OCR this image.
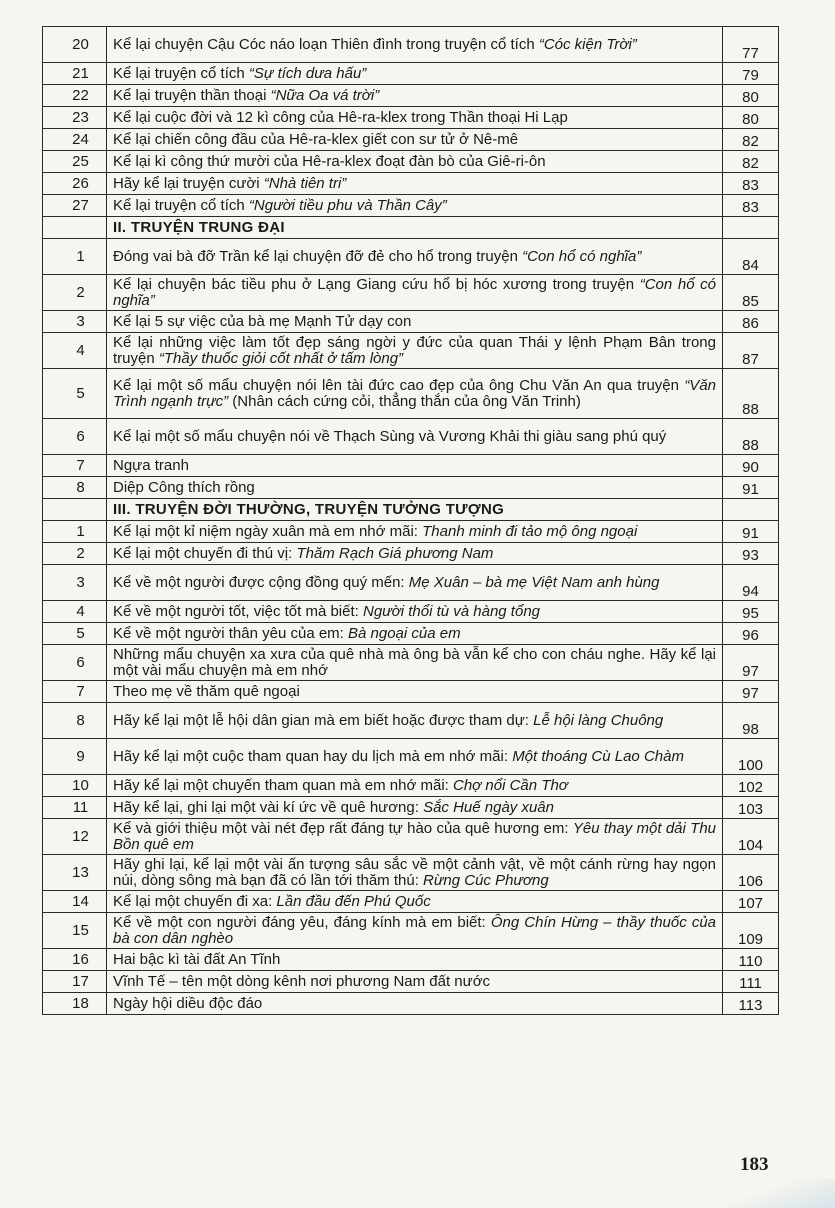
20	Kể lại chuyện Cậu Cóc náo loạn Thiên đình trong truyện cổ tích “Cóc kiện Trời”	77
21	Kể lại truyện cổ tích “Sự tích dưa hấu”	79
22	Kể lại truyện thần thoại “Nữa Oa vá trời”	80
23	Kể lại cuộc đời và 12 kì công của Hê-ra-klex trong Thần thoại Hi Lạp	80
24	Kể lại chiến công đầu của Hê-ra-klex giết con sư tử ở Nê-mê	82
25	Kể lại kì công thứ mười của Hê-ra-klex đoạt đàn bò của Giê-ri-ôn	82
26	Hãy kể lại truyện cười “Nhà tiên tri”	83
27	Kể lại truyện cổ tích “Người tiều phu và Thần Cây”	83
	II. TRUYỆN TRUNG ĐẠI	
1	Đóng vai bà đỡ Trần kể lại chuyện đỡ đẻ cho hổ trong truyện “Con hổ có nghĩa”	84
2	Kể lại chuyện bác tiều phu ở Lạng Giang cứu hổ bị hóc xương trong truyện “Con hổ có nghĩa”	85
3	Kể lại 5 sự việc của bà mẹ Mạnh Tử dạy con	86
4	Kể lại những việc làm tốt đẹp sáng ngời y đức của quan Thái y lệnh Phạm Bân trong truyện “Thầy thuốc giỏi cốt nhất ở tấm lòng”	87
5	Kể lại một số mẩu chuyện nói lên tài đức cao đẹp của ông Chu Văn An qua truyện “Văn Trình ngạnh trực” (Nhân cách cứng cỏi, thẳng thắn của ông Văn Trinh)	88
6	Kể lại một số mẩu chuyện nói về Thạch Sùng và Vương Khải thi giàu sang phú quý	88
7	Ngựa tranh	90
8	Diệp Công thích rồng	91
	III. TRUYỆN ĐỜI THƯỜNG, TRUYỆN TƯỞNG TƯỢNG	
1	Kể lại một kỉ niệm ngày xuân mà em nhớ mãi: Thanh minh đi tảo mộ ông ngoại	91
2	Kể lại một chuyến đi thú vị: Thăm Rạch Giá phương Nam	93
3	Kể về một người được cộng đồng quý mến: Mẹ Xuân – bà mẹ Việt Nam anh hùng	94
4	Kể về một người tốt, việc tốt mà biết: Người thổi tù và hàng tổng	95
5	Kể về một người thân yêu của em: Bà ngoại của em	96
6	Những mẩu chuyện xa xưa của quê nhà mà ông bà vẫn kể cho con cháu nghe. Hãy kể lại một vài mẩu chuyện mà em nhớ	97
7	Theo mẹ về thăm quê ngoại	97
8	Hãy kể lại một lễ hội dân gian mà em biết hoặc được tham dự: Lễ hội làng Chuông	98
9	Hãy kể lại một cuộc tham quan hay du lịch mà em nhớ mãi: Một thoáng Cù Lao Chàm	100
10	Hãy kể lại một chuyến tham quan mà em nhớ mãi: Chợ nổi Cần Thơ	102
11	Hãy kể lại, ghi lại một vài kí ức về quê hương: Sắc Huế ngày xuân	103
12	Kể và giới thiệu một vài nét đẹp rất đáng tự hào của quê hương em: Yêu thay một dải Thu Bồn quê em	104
13	Hãy ghi lại, kể lại một vài ấn tượng sâu sắc về một cảnh vật, về một cánh rừng hay ngọn núi, dòng sông mà bạn đã có lần tới thăm thú: Rừng Cúc Phương	106
14	Kể lại một chuyến đi xa: Lần đầu đến Phú Quốc	107
15	Kể về một con người đáng yêu, đáng kính mà em biết: Ông Chín Hừng – thầy thuốc của bà con dân nghèo	109
16	Hai bậc kì tài đất An Tĩnh	110
17	Vĩnh Tế – tên một dòng kênh nơi phương Nam đất nước	111
18	Ngày hội diều độc đáo	113
183
